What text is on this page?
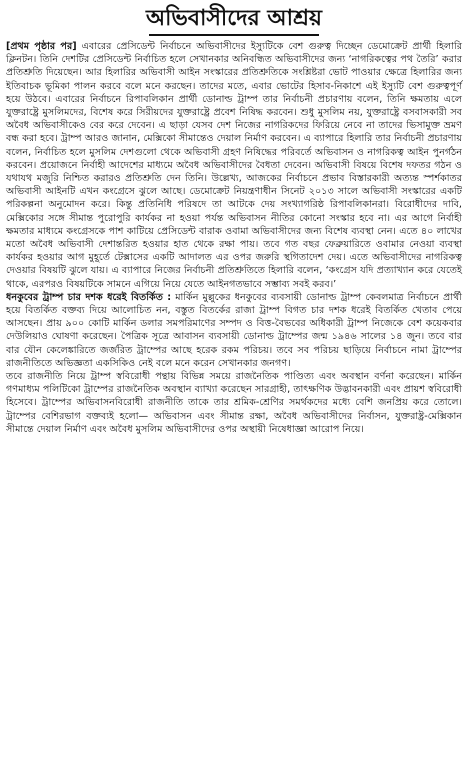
অভিবাসীদের আশ্রয়

[প্রথম পৃষ্ঠার পর] এবারের প্রেসিডেন্ট নির্বাচনে অভিবাসীদের ইস্যুটিকে বেশ গুরুত্ব দিচ্ছেন ডেমোক্রেট প্রার্থী হিলারি ক্লিনটন। তিনি দেশটির প্রেসিডেন্ট নির্বাচিত হলে সেখানকার অনিবন্ধিত অভিবাসীদের জন্য ‘নাগরিকত্বের পথ তৈরি’ করার প্রতিশ্রুতি দিয়েছেন। আর হিলারির অভিবাসী আইন সংস্কারের প্রতিশ্রুতিকে সংশ্লিষ্টরা ভোট পাওয়ার ক্ষেত্রে হিলারির জন্য ইতিবাচক ভূমিকা পালন করবে বলে মনে করছেন। তাদের মতে, এবার ভোটের হিসাব-নিকাশে এই ইস্যুটি বেশ গুরুত্বপূর্ণ হয়ে উঠবে। এবারের নির্বাচনে রিপাবলিকান প্রার্থী ডোনাল্ড ট্রাম্প তার নির্বাচনী প্রচারণায় বলেন, তিনি ক্ষমতায় এলে যুক্তরাষ্ট্রে মুসলিমদের, বিশেষ করে সিরীয়দের যুক্তরাষ্ট্রে প্রবেশ নিষিদ্ধ করবেন। শুধু মুসলিম নয়, যুক্তরাষ্ট্রে বসবাসকারী সব অবৈধ অভিবাসীকেও বের করে দেবেন। এ ছাড়া যেসব দেশ নিজের নাগরিকদের ফিরিয়ে নেবে না তাদের ভিসামুক্ত ভ্রমণ বন্ধ করা হবে। ট্রাম্প আরও জানান, মেক্সিকো সীমান্তেও দেয়াল নির্মাণ করবেন। এ ব্যাপারে হিলারি তার নির্বাচনী প্রচারণায় বলেন, নির্বাচিত হলে মুসলিম দেশগুলো থেকে অভিবাসী গ্রহণ নিষিদ্ধের পরিবর্তে অভিবাসন ও নাগরিকত্ব আইন পুনর্গঠন করবেন। প্রয়োজনে নির্বাহী আদেশের মাধ্যমে অবৈধ অভিবাসীদের বৈধতা দেবেন। অভিবাসী বিষয়ে বিশেষ দফতর গঠন ও যথাযথ মজুরি নিশ্চিত করারও প্রতিশ্রুতি দেন তিনি। উল্লেখ্য, আজকের নির্বাচনে প্রভাব বিস্তারকারী অত্যন্ত স্পর্শকাতর অভিবাসী আইনটি এখন কংগ্রেসে ঝুলে আছে। ডেমোক্রেট নিয়ন্ত্রণাধীন সিনেট ২০১৩ সালে অভিবাসী সংস্কারের একটি পরিকল্পনা অনুমোদন করে। কিন্তু প্রতিনিধি পরিষদে তা আটকে দেয় সংখ্যাগরিষ্ঠ রিপাবলিকানরা। বিরোধীদের দাবি, মেক্সিকোর সঙ্গে সীমান্ত পুরোপুরি কার্যকর না হওয়া পর্যন্ত অভিবাসন নীতির কোনো সংস্কার হবে না। এর আগে নির্বাহী ক্ষমতার মাধ্যমে কংগ্রেসকে পাশ কাটিয়ে প্রেসিডেন্ট বারাক ওবামা অভিবাসীদের জন্য বিশেষ ব্যবস্থা নেন। এতে ৪০ লাখের মতো অবৈধ অভিবাসী দেশান্তরিত হওয়ার হাত থেকে রক্ষা পায়। তবে গত বছর ফেব্রুয়ারিতে ওবামার নেওয়া ব্যবস্থা কার্যকর হওয়ার আগ মুহূর্তে টেক্সাসের একটি আদালত এর ওপর জরুরি স্থগিতাদেশ দেয়। এতে অভিবাসীদের নাগরিকত্ব দেওয়ার বিষয়টি ঝুলে যায়। এ ব্যাপারে নিজের নির্বাচনী প্রতিশ্রুতিতে হিলারি বলেন, ‘কংগ্রেস যদি প্রত্যাখ্যান করে যেতেই থাকে, এরপরও বিষয়টিকে সামনে এগিয়ে নিয়ে যেতে আইনগতভাবে সম্ভাব্য সবই করব।’

ধনকুবের ট্রাম্প চার দশক ধরেই বিতর্কিত : মার্কিন মুল্লুকের ধনকুবের ব্যবসায়ী ডোনাল্ড ট্রাম্প কেবলমাত্র নির্বাচনে প্রার্থী হয়ে বিতর্কিত বক্তব্য দিয়ে আলোচিত নন, বস্তুত বিতর্কের রাজা ট্রাম্প বিগত চার দশক ধরেই বিতর্কিত খেতাব পেয়ে আসছেন। প্রায় ৯০০ কোটি মার্কিন ডলার সমপরিমাণের সম্পদ ও বিত্ত-বৈভবের অধিকারী ট্রাম্প নিজেকে বেশ কয়েকবার দেউলিয়াও ঘোষণা করেছেন। পৈত্রিক সূত্রে আবাসন ব্যবসায়ী ডোনাল্ড ট্রাম্পের জন্ম ১৯৪৬ সালের ১৪ জুন। তবে বার বার যৌন কেলেঙ্কারিতে জর্জরিত ট্রাম্পের আছে হরেক রকম পরিচয়। তবে সব পরিচয় ছাড়িয়ে নির্বাচনে নামা ট্রাম্পের রাজনীতিতে অভিজ্ঞতা একসিকিও নেই বলে মনে করেন সেখানকার জনগণ।

তবে রাজনীতি নিয়ে ট্রাম্প স্ববিরোধী পন্থায় বিভিন্ন সময়ে রাজনৈতিক পাণ্ডিত্য এবং অবস্থান বর্ণনা করেছেন। মার্কিন গণমাধ্যম পলিটিকো ট্রাম্পের রাজনৈতিক অবস্থান ব্যাখ্যা করেছেন সারগ্রাহী, তাৎক্ষণিক উদ্ভাবনকারী এবং প্রায়শ স্ববিরোধী হিসেবে। ট্রাম্পের অভিবাসনবিরোধী রাজনীতি তাকে তার শ্রমিক-শ্রেণির সমর্থকদের মধ্যে বেশি জনপ্রিয় করে তোলে। ট্রাম্পের বেশিরভাগ বক্তব্যই হলো— অভিবাসন এবং সীমান্ত রক্ষা, অবৈধ অভিবাসীদের নির্বাসন, যুক্তরাষ্ট্র-মেক্সিকান সীমান্তে দেয়াল নির্মাণ এবং অবৈধ মুসলিম অভিবাসীদের ওপর অস্থায়ী নিষেধাজ্ঞা আরোপ নিয়ে।
